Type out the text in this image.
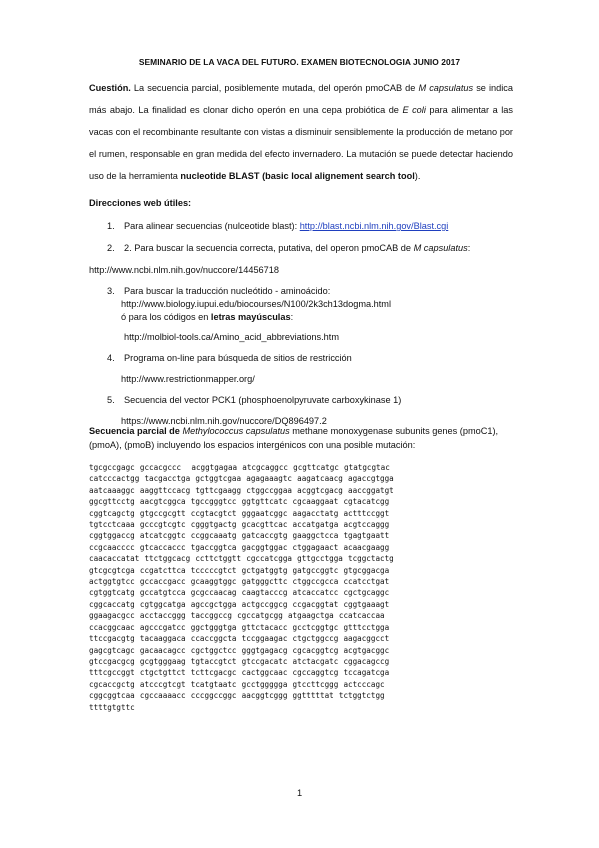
SEMINARIO DE LA VACA DEL FUTURO. EXAMEN BIOTECNOLOGIA JUNIO 2017
Cuestión. La secuencia parcial, posiblemente mutada, del operón pmoCAB de M capsulatus se indica más abajo. La finalidad es clonar dicho operón en una cepa probiótica de E coli para alimentar a las vacas con el recombinante resultante con vistas a disminuir sensiblemente la producción de metano por el rumen, responsable en gran medida del efecto invernadero. La mutación se puede detectar haciendo uso de la herramienta nucleotide BLAST (basic local alignement search tool).
Direcciones web útiles:
1. Para alinear secuencias (nulceotide blast): http://blast.ncbi.nlm.nih.gov/Blast.cgi
2. 2. Para buscar la secuencia correcta, putativa, del operon pmoCAB de M capsulatus:
http://www.ncbi.nlm.nih.gov/nuccore/14456718
3. Para buscar la traducción nucleótido - aminoácido:
http://www.biology.iupui.edu/biocourses/N100/2k3ch13dogma.html
ó para los códigos en letras mayúsculas:
http://molbiol-tools.ca/Amino_acid_abbreviations.htm
4. Programa on-line para búsqueda de sitios de restricción
http://www.restrictionmapper.org/
5. Secuencia del vector PCK1 (phosphoenolpyruvate carboxykinase 1)
https://www.ncbi.nlm.nih.gov/nuccore/DQ896497.2
Secuencia parcial de Methylococcus capsulatus methane monoxygenase subunits genes (pmoC1), (pmoA), (pmoB) incluyendo los espacios intergénicos con una posible mutación:
tgcgccgagc gccacgccc  acggtgagaa atcgcaggcc gcgttcatgc gtatgcgtac
catcccactgg tacgacctga gctggtcgaa agagaaagtc aagatcaacg agaccgtgga
aatcaaaggc aaggttccacg tgttcgaagg ctggccggaa acggtcgacg aaccggatgt
ggcgttcctg aacgtcggca tgccgggtcc ggtgttcatc cgcaaggaat cgtacatcgg
cggtcagctg gtgccgcgtt ccgtacgtct gggaatcggc aagacctatg actttccggt
tgtcctcaaa gcccgtcgtc cgggtgactg gcacgttcac accatgatga acgtccaggg
cggtggaccg atcatcggtc ccggcaaatg gatcaccgtg gaaggctcca tgagtgaatt
ccgcaacccc gtcaccaccc tgaccggtca gacggtggac ctggagaact acaacgaagg
caacaccatat ttctggcacg ccttctggtt cgccatcgga gttgcctgga tcggctactg
gtcgcgtcga ccgatcttca tcccccgtct gctgatggtg gatgccggtc gtgcggacga
actggtgtcc gccaccgacc gcaaggtggc gatgggcttc ctggccgcca ccatcctgat
cgtggtcatg gccatgtcca gcgccaacag caagtacccg atcaccatcc cgctgcaggc
cggcaccatg cgtggcatga agccgctgga actgccggcg ccgacggtat cggtgaaagt
ggaagacgcc acctaccggg taccggccg cgccatgcgg atgaagctga ccatcaccaa
ccacggcaac agcccgatcc ggctgggtga gttctacacc gcctcggtgc gtttcctgga
ttccgacgtg tacaaggaca ccaccggcta tccggaagac ctgctggccg aagacggcct
gagcgtcagc gacaacagcc cgctggctcc gggtgagacg cgcacggtcg acgtgacggc
gtccgacgcg gcgtgggaag tgtaccgtct gtccgacatc atctacgatc cggacagccg
tttcgccggt ctgctgttct tcttcgacgc cactggcaac cgccaggtcg tccagatcga
cgcaccgctg atcccgtcgt tcatgtaatc gcctgggggа gtccttcggg actcccagc
cggcggtcaa cgccaaaacc cccggccggc aacggtcggg ggtttttat tctggtctgg
ttttgtgttc
1
